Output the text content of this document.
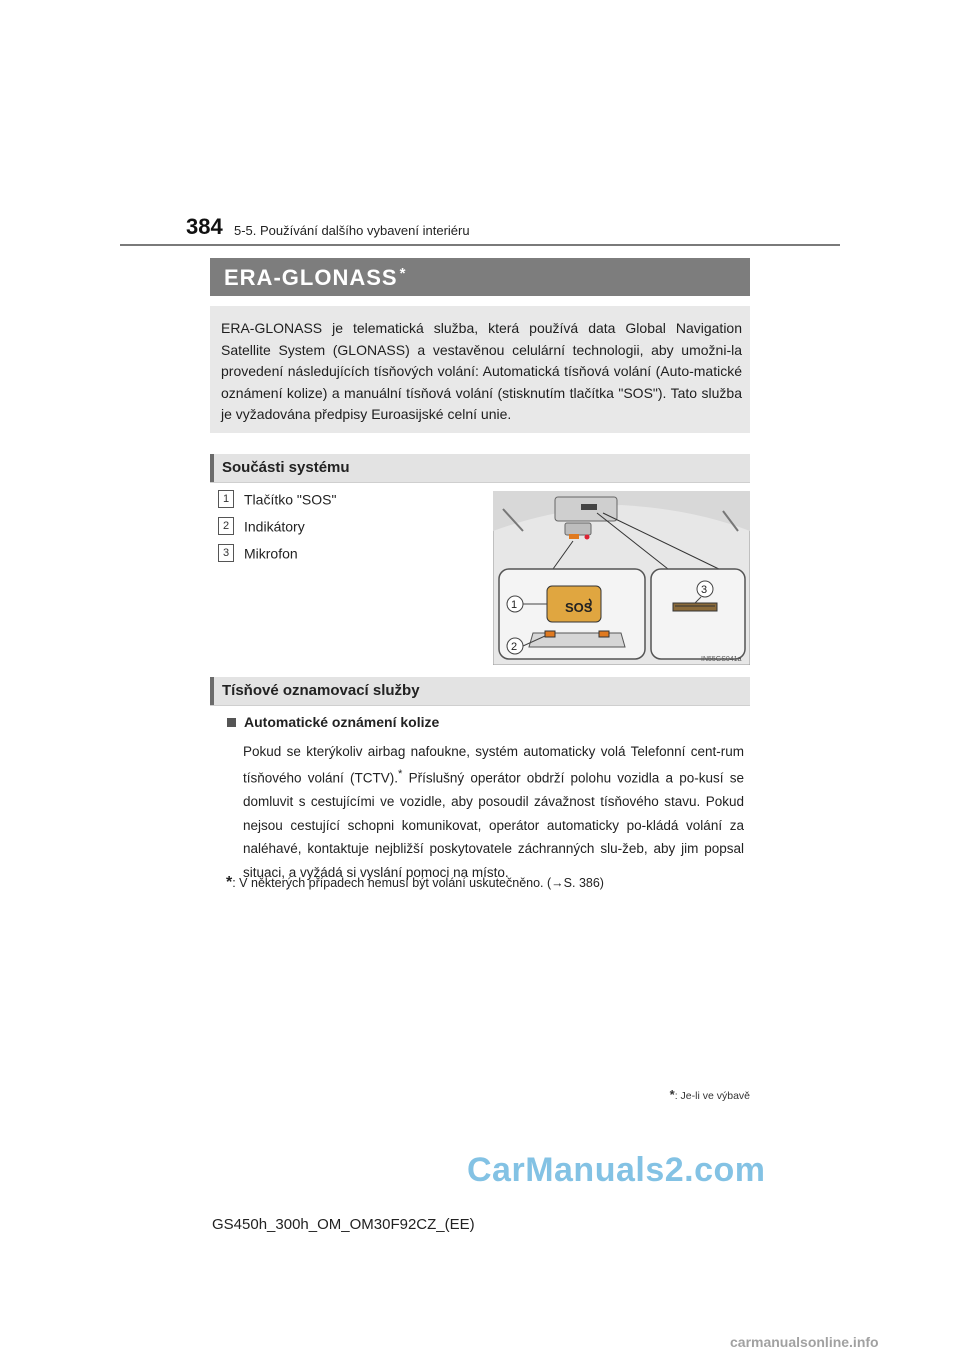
384 5-5. Používání dalšího vybavení interiéru
ERA-GLONASS *
ERA-GLONASS je telematická služba, která používá data Global Navigation Satellite System (GLONASS) a vestavěnou celulární technologii, aby umožni-la provedení následujících tísňových volání: Automatická tísňová volání (Auto-matické oznámení kolize) a manuální tísňová volání (stisknutím tlačítka "SOS"). Tato služba je vyžadována předpisy Euroasijské celní unie.
Součásti systému
1 Tlačítko "SOS"
2 Indikátory
3 Mikrofon
SOS
1
2
3
IN55GS041a
Tísňové oznamovací služby
Automatické oznámení kolize
Pokud se kterýkoliv airbag nafoukne, systém automaticky volá Telefonní cent-rum tísňového volání (TCTV).* Příslušný operátor obdrží polohu vozidla a po-kusí se domluvit s cestujícími ve vozidle, aby posoudil závažnost tísňového stavu. Pokud nejsou cestující schopni komunikovat, operátor automaticky po-kládá volání za naléhavé, kontaktuje nejbližší poskytovatele záchranných slu-žeb, aby jim popsal situaci, a vyžádá si vyslání pomoci na místo.
*: V některých případech nemusí být volání uskutečněno. (→S. 386)
*: Je-li ve výbavě
CarManuals2.com
GS450h_300h_OM_OM30F92CZ_(EE)
carmanualsonline.info
